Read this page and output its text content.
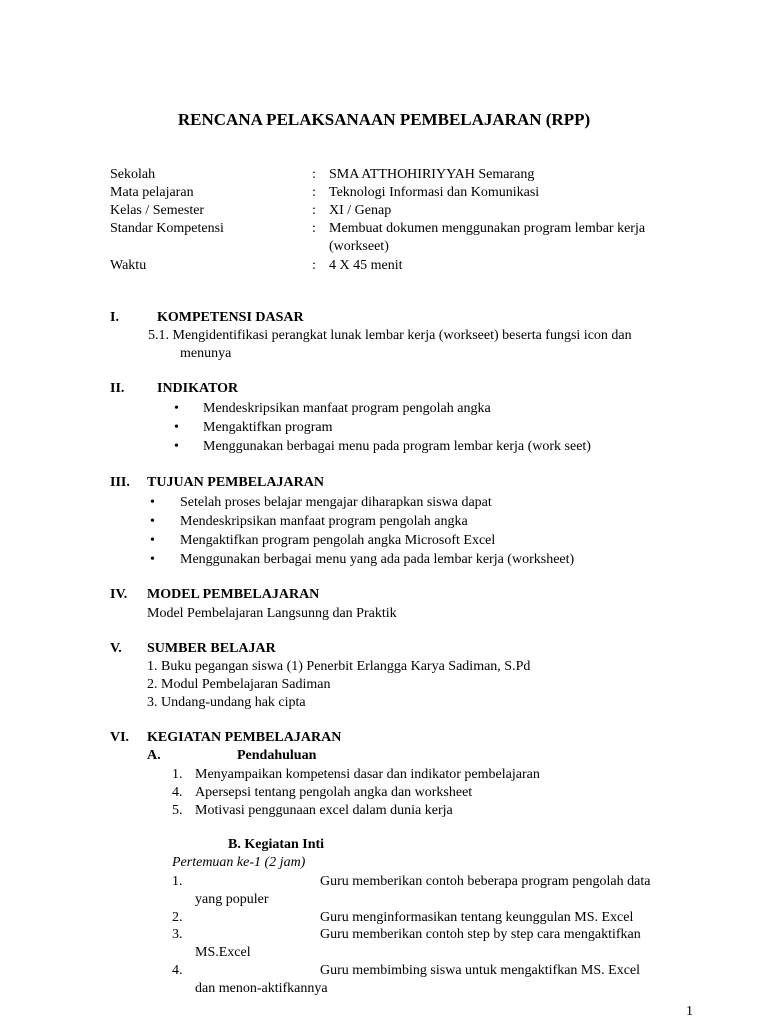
RENCANA PELAKSANAAN PEMBELAJARAN (RPP)
Sekolah	: SMA ATTHOHIRIYYAH Semarang
Mata pelajaran	: Teknologi Informasi dan Komunikasi
Kelas / Semester	: XI / Genap
Standar Kompetensi	: Membuat dokumen menggunakan program lembar kerja
(workseet)
Waktu	: 4 X 45 menit
I.	KOMPETENSI DASAR
5.1. Mengidentifikasi perangkat lunak lembar kerja (workseet) beserta fungsi icon dan
menunya
II. INDIKATOR
• Mendeskripsikan manfaat program pengolah angka
• Mengaktifkan program
• Menggunakan berbagai menu pada program lembar kerja (work seet)
III. TUJUAN PEMBELAJARAN
• Setelah proses belajar mengajar diharapkan siswa dapat
• Mendeskripsikan manfaat program pengolah angka
• Mengaktifkan program pengolah angka Microsoft Excel
• Menggunakan berbagai menu yang ada pada lembar kerja (worksheet)
IV. MODEL PEMBELAJARAN
Model Pembelajaran Langsunng dan Praktik
V. SUMBER BELAJAR
1. Buku pegangan siswa (1) Penerbit Erlangga Karya Sadiman, S.Pd
2. Modul Pembelajaran Sadiman
3. Undang-undang hak cipta
VI. KEGIATAN PEMBELAJARAN
A.	Pendahuluan
1. Menyampaikan kompetensi dasar dan indikator pembelajaran
4. Apersepsi tentang pengolah angka dan worksheet
5. Motivasi penggunaan excel dalam dunia kerja
B. Kegiatan Inti
Pertemuan ke-1 (2 jam)
1.	Guru memberikan contoh beberapa program pengolah data
yang populer
2.	Guru menginformasikan tentang keunggulan MS. Excel
3.	Guru memberikan contoh step by step cara mengaktifkan
MS.Excel
4.	Guru membimbing siswa untuk mengaktifkan MS. Excel
dan menon-aktifkannya
1
